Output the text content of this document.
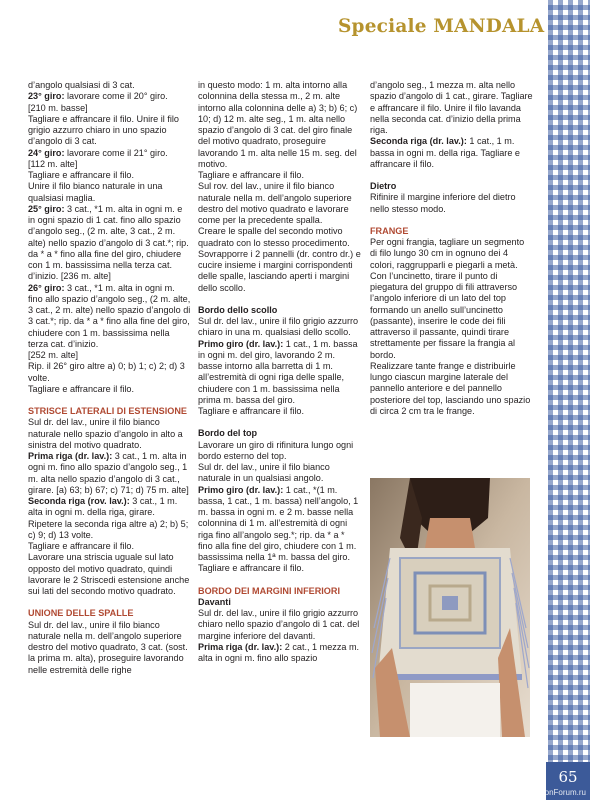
Speciale MANDALA

d’angolo qualsiasi di 3 cat.

23° giro: lavorare come il 20° giro.

[210 m. basse]

Tagliare e affrancare il filo. Unire il filo grigio azzurro chiaro in uno spazio d’angolo di 3 cat.

24° giro: lavorare come il 21° giro.

[112 m. alte]

Tagliare e affrancare il filo.

Unire il filo bianco naturale in una qualsiasi maglia.

25° giro: 3 cat., *1 m. alta in ogni m. e in ogni spazio di 1 cat. fino allo spazio d’angolo seg., (2 m. alte, 3 cat., 2 m. alte) nello spazio d’angolo di 3 cat.*; rip. da * a * fino alla fine del giro, chiudere con 1 m. bassissima nella terza cat. d’inizio. [236 m. alte]

26° giro: 3 cat., *1 m. alta in ogni m. fino allo spazio d’angolo seg., (2 m. alte, 3 cat., 2 m. alte) nello spazio d’angolo di 3 cat.*; rip. da * a * fino alla fine del giro, chiudere con 1 m. bassissima nella terza cat. d’inizio.

[252 m. alte]

Rip. il 26° giro altre a) 0; b) 1; c) 2; d) 3 volte.

Tagliare e affrancare il filo.

STRISCE LATERALI DI ESTENSIONE

Sul dr. del lav., unire il filo bianco naturale nello spazio d’angolo in alto a sinistra del motivo quadrato.

Prima riga (dr. lav.): 3 cat., 1 m. alta in ogni m. fino allo spazio d’angolo seg., 1 m. alta nello spazio d’angolo di 3 cat., girare. [a) 63; b) 67; c) 71; d) 75 m. alte]

Seconda riga (rov. lav.): 3 cat., 1 m. alta in ogni m. della riga, girare.

Ripetere la seconda riga altre a) 2; b) 5; c) 9; d) 13 volte.

Tagliare e affrancare il filo.

Lavorare una striscia uguale sul lato opposto del motivo quadrato, quindi lavorare le 2 Striscedi estensione anche sui lati del secondo motivo quadrato.

UNIONE DELLE SPALLE

Sul dr. del lav., unire il filo bianco naturale nella m. dell’angolo superiore destro del motivo quadrato, 3 cat. (sost. la prima m. alta), proseguire lavorando nelle estremità delle righe

in questo modo: 1 m. alta intorno alla colonnina della stessa m., 2 m. alte intorno alla colonnina delle a) 3; b) 6; c) 10; d) 12 m. alte seg., 1 m. alta nello spazio d’angolo di 3 cat. del giro finale del motivo quadrato, proseguire lavorando 1 m. alta nelle 15 m. seg. del motivo.

Tagliare e affrancare il filo.

Sul rov. del lav., unire il filo bianco naturale nella m. dell’angolo superiore destro del motivo quadrato e lavorare come per la precedente spalla.

Creare le spalle del secondo motivo quadrato con lo stesso procedimento.

Sovrapporre i 2 pannelli (dr. contro dr.) e cucire insieme i margini corrispondenti delle spalle, lasciando aperti i margini dello scollo.

Bordo dello scollo

Sul dr. del lav., unire il filo grigio azzurro chiaro in una m. qualsiasi dello scollo.

Primo giro (dr. lav.): 1 cat., 1 m. bassa in ogni m. del giro, lavorando 2 m. basse intorno alla barretta di 1 m. all’estremità di ogni riga delle spalle, chiudere con 1 m. bassissima nella prima m. bassa del giro.

Tagliare e affrancare il filo.

Bordo del top

Lavorare un giro di rifinitura lungo ogni bordo esterno del top.

Sul dr. del lav., unire il filo bianco naturale in un qualsiasi angolo.

Primo giro (dr. lav.): 1 cat., *(1 m. bassa, 1 cat., 1 m. bassa) nell’angolo, 1 m. bassa in ogni m. e 2 m. basse nella colonnina di 1 m. all’estremità di ogni riga fino all’angolo seg.*; rip. da * a * fino alla fine del giro, chiudere con 1 m. bassissima nella 1ª m. bassa del giro.

Tagliare e affrancare il filo.

BORDO DEI MARGINI INFERIORI

Davanti

Sul dr. del lav., unire il filo grigio azzurro chiaro nello spazio d’angolo di 1 cat. del margine inferiore del davanti.

Prima riga (dr. lav.): 2 cat., 1 mezza m. alta in ogni m. fino allo spazio

d’angolo seg., 1 mezza m. alta nello spazio d’angolo di 1 cat., girare. Tagliare e affrancare il filo. Unire il filo lavanda nella seconda cat. d’inizio della prima riga.

Seconda riga (dr. lav.): 1 cat., 1 m. bassa in ogni m. della riga. Tagliare e affrancare il filo.

Dietro

Rifinire il margine inferiore del dietro nello stesso modo.

FRANGE

Per ogni frangia, tagliare un segmento di filo lungo 30 cm in ognuno dei 4 colori, raggrupparli e piegarli a metà.

Con l’uncinetto, tirare il punto di piegatura del gruppo di fili attraverso l’angolo inferiore di un lato del top formando un anello sull’uncinetto (passante), inserire le code dei fili attraverso il passante, quindi tirare strettamente per fissare la frangia al bordo.

Realizzare tante frange e distribuirle lungo ciascun margine laterale del pannello anteriore e del pannello posteriore del top, lasciando uno spazio di circa 2 cm tra le frange.

65
PassionForum.ru
